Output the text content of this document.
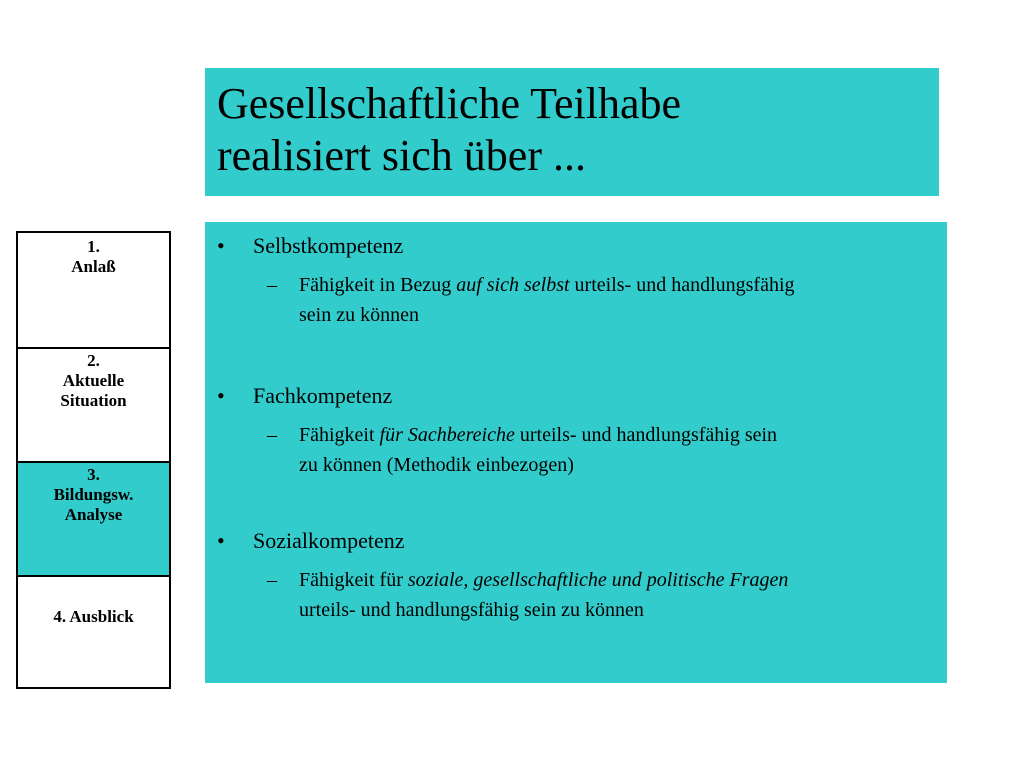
Gesellschaftliche Teilhabe
realisiert sich über ...
1.
Anlaß
2.
Aktuelle
Situation
3.
Bildungsw.
Analyse
4. Ausblick
• Selbstkompetenz
–	Fähigkeit in Bezug auf sich selbst urteils- und handlungsfähig
sein zu können
• Fachkompetenz
–	Fähigkeit für Sachbereiche urteils- und handlungsfähig sein
zu können (Methodik einbezogen)
• Sozialkompetenz
–	Fähigkeit für soziale, gesellschaftliche und politische Fragen
urteils- und handlungsfähig sein zu können
